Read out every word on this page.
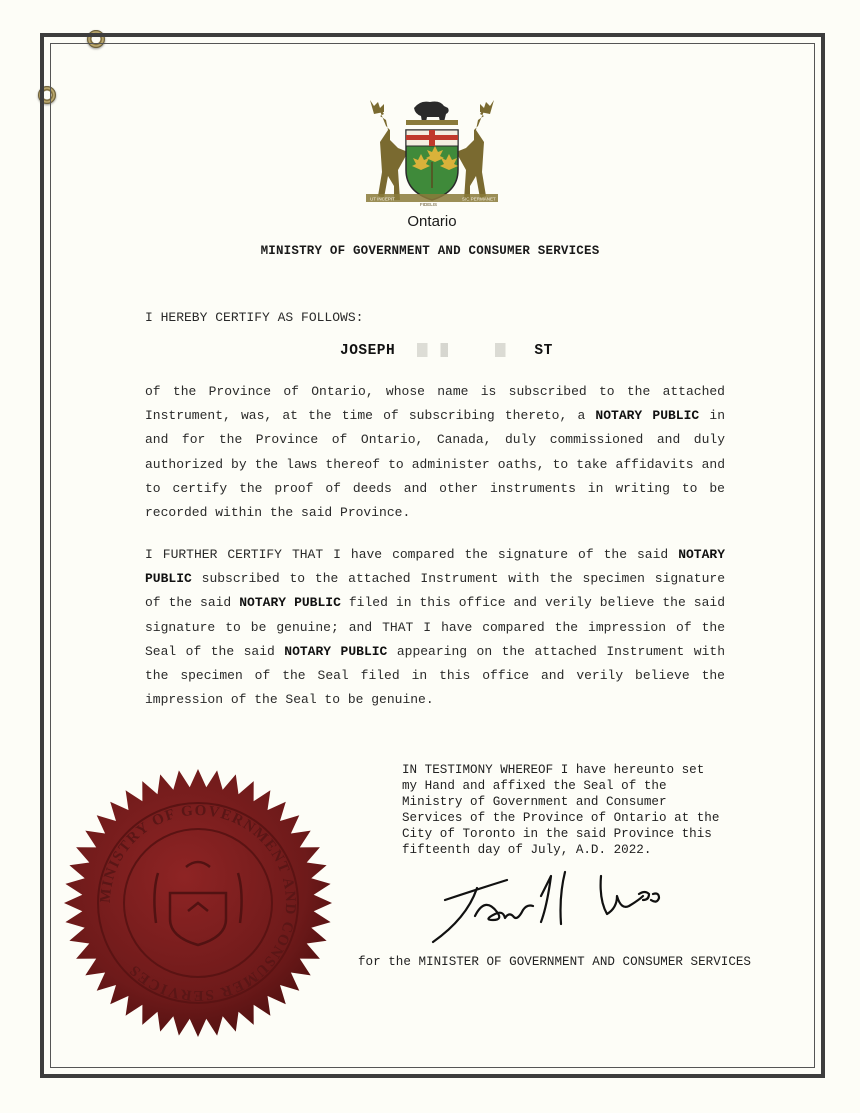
UT INCEPIT
FIDELIS
SIC PERMANET
Ontario
MINISTRY OF GOVERNMENT AND CONSUMER SERVICES
I HEREBY CERTIFY AS FOLLOWS:
JOSEPH	ST
of the Province of Ontario, whose name is subscribed to the attached Instrument, was, at the time of subscribing thereto, a NOTARY PUBLIC in and for the Province of Ontario, Canada, duly commissioned and duly authorized by the laws thereof to administer oaths, to take affidavits and to certify the proof of deeds and other instruments in writing to be recorded within the said Province.
I FURTHER CERTIFY THAT I have compared the signature of the said NOTARY PUBLIC subscribed to the attached Instrument with the specimen signature of the said NOTARY PUBLIC filed in this office and verily believe the said signature to be genuine; and THAT I have compared the impression of the Seal of the said NOTARY PUBLIC appearing on the attached Instrument with the specimen of the Seal filed in this office and verily believe the impression of the Seal to be genuine.
IN TESTIMONY WHEREOF I have hereunto set
my Hand and affixed the Seal of the
Ministry of Government and Consumer
Services of the Province of Ontario at the
City of Toronto in the said Province this
fifteenth day of July, A.D. 2022.
for the MINISTER OF GOVERNMENT AND CONSUMER SERVICES
MINISTRY OF GOVERNMENT AND CONSUMER SERVICES
